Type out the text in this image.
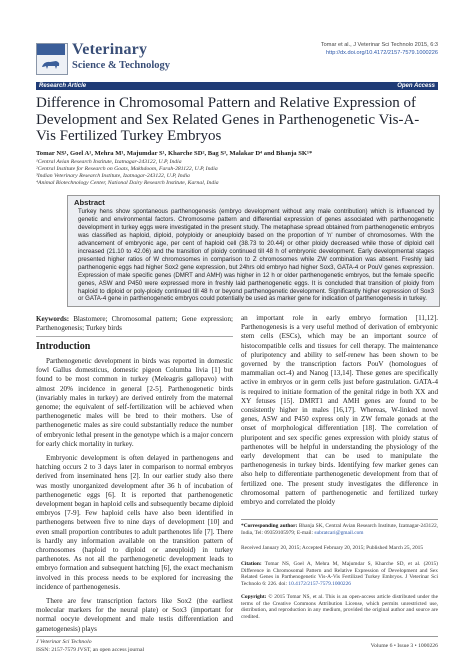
Veterinary
Science & Technology
Tomar et al., J Veterinar Sci Technolo 2015, 6:3
http://dx.doi.org/10.4172/2157-7579.1000226
Research Article	Open Access
Difference in Chromosomal Pattern and Relative Expression of Development and Sex Related Genes in Parthenogenetic Vis-A-Vis Fertilized Turkey Embryos
Tomar NS¹, Goel A¹, Mehra M¹, Majumdar S¹, Kharche SD², Bag S³, Malakar D⁴ and Bhanja SK¹*
¹Central Avian Research Institute, Izatnagar-243122, U.P, India
²Central Institute for Research on Goats, Makhdoom, Farah-281122, U.P, India
³Indian Veterinary Research Institute, Izatnagar-243122, U.P, India
⁴Animal Biotechnology Center, National Dairy Research Institute, Karnal, India
Abstract
Turkey hens show spontaneous parthenogenesis (embryo development without any male contribution) which is influenced by genetic and environmental factors. Chromosome pattern and differential expression of genes associated with parthenogenetic development in turkey eggs were investigated in the present study. The metaphase spread obtained from parthenogenetic embryos was classified as haploid, diploid, polyploidy or aneuploidy based on the proportion of 'n' number of chromosomes. With the advancement of embryonic age, per cent of haploid cell (38.73 to 20.44) or other ploidy decreased while those of diploid cell increased (21.10 to 42.06) and the transition of ploidy continued till 48 h of embryonic development. Early developmental stages presented higher ratios of W chromosomes in comparison to Z chromosomes while ZW combination was absent. Freshly laid parthenogenic eggs had higher Sox2 gene expression, but 24hrs old embryo had higher Sox3, GATA-4 or PouV genes expression. Expression of male specific genes (DMRT and AMH) was higher in 12 h or older parthenogenetic embryos, but the female specific genes, ASW and P450 were expressed more in freshly laid parthenogenetic eggs. It is concluded that transition of ploidy from haploid to diploid or poly-ploidy continued till 48 h or beyond parthenogenetic development. Significantly higher expression of Sox3 or GATA-4 gene in parthenogenetic embryos could potentially be used as marker gene for indication of parthenogenesis in turkey.
Keywords: Blastomere; Chromosomal pattern; Gene expression; Parthenogenesis; Turkey birds
Introduction

Parthenogenetic development in birds was reported in domestic fowl Gallus domesticus, domestic pigeon Columba livia [1] but found to be most common in turkey (Meleagris gallopavo) with almost 20% incidence in general [2-5]. Parthenogenetic birds (invariably males in turkey) are derived entirely from the maternal genome; the equivalent of self-fertilization will be achieved when parthenogenetic males will be bred to their mothers. Use of parthenogenetic males as sire could substantially reduce the number of embryonic lethal present in the genotype which is a major concern for early chick mortality in turkey.

Embryonic development is often delayed in parthenogens and hatching occurs 2 to 3 days later in comparison to normal embryos derived from inseminated hens [2]. In our earlier study also there was mostly unorganized development after 36 h of incubation of parthenogenetic eggs [6]. It is reported that parthenogenetic development began in haploid cells and subsequently became diploid embryos [7-9]. Few haploid cells have also been identified in parthenogens between five to nine days of development [10] and even small proportion contributes to adult parthenotes life [7]. There is hardly any information available on the transition pattern of chromosomes (haploid to diploid or aneuploid) in turkey parthenotes. As not all the parthenogenetic development leads to embryo formation and subsequent hatching [6], the exact mechanism involved in this process needs to be explored for increasing the incidence of parthenogenesis.

There are few transcription factors like Sox2 (the earliest molecular markers for the neural plate) or Sox3 (important for normal oocyte development and male testis differentiation and gametogenesis) plays

an important role in early embryo formation [11,12]. Parthenogenesis is a very useful method of derivation of embryonic stem cells (ESCs), which may be an important source of histocompatible cells and tissues for cell therapy. The maintenance of pluripotency and ability to self-renew has been shown to be governed by the transcription factors PouV (homologues of mammalian oct-4) and Nanog [13,14]. These genes are specifically active in embryos or in germ cells just before gastrulation. GATA-4 is required to initiate formation of the genital ridge in both XX and XY fetuses [15]. DMRT1 and AMH genes are found to be consistently higher in males [16,17]. Whereas, W-linked novel genes, ASW and P450 express only in ZW female gonads at the onset of morphological differentiation [18]. The correlation of pluripotent and sex specific genes expression with ploidy status of parthenotes will be helpful in understanding the physiology of the early development that can be used to manipulate the parthenogenesis in turkey birds. Identifying few marker genes can also help to differentiate parthenogenetic development from that of fertilized one. The present study investigates the difference in chromosomal pattern of parthenogenetic and fertilized turkey embryo and correlated the ploidy

*Corresponding author: Bhanja SK, Central Avian Research Institute, Izatnagar-243122, India, Tel: 09359105979; E-mail: subratcari@gmail.com
Received January 20, 2015; Accepted February 20, 2015; Published March 25, 2015
Citation: Tomar NS, Goel A, Mehra M, Majumdar S, Kharche SD, et al. (2015) Difference in Chromosomal Pattern and Relative Expression of Development and Sex Related Genes in Parthenogenetic Vis-A-Vis Fertilized Turkey Embryos. J Veterinar Sci Technolo 6: 226. doi: 10.4172/2157-7579.1000226
Copyright: © 2015 Tomar NS, et al. This is an open-access article distributed under the terms of the Creative Commons Attribution License, which permits unrestricted use, distribution, and reproduction in any medium, provided the original author and source are credited.
J Veterinar Sci Technolo
ISSN: 2157-7579 JVST, an open access journal
Volume 6 • Issue 3 • 1000226
